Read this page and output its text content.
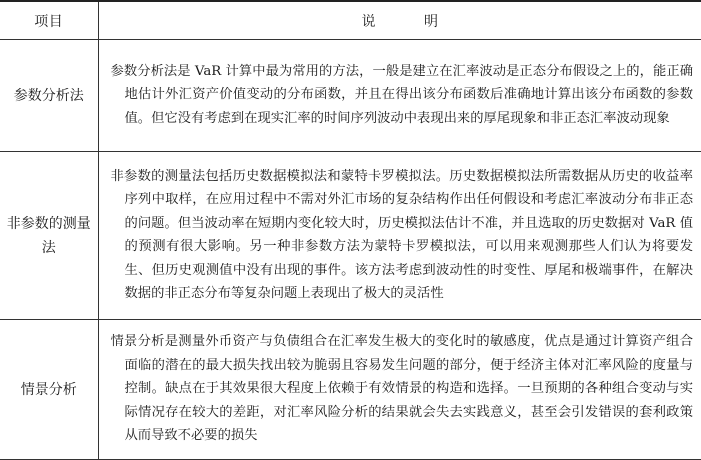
项目	说 明
参数分析法	参数分析法是 VaR 计算中最为常用的方法，一般是建立在汇率波动是正态分布假设之上的，能正确地估计外汇资产价值变动的分布函数，并且在得出该分布函数后准确地计算出该分布函数的参数值。但它没有考虑到在现实汇率的时间序列波动中表现出来的厚尾现象和非正态汇率波动现象

非参数的测量法	非参数的测量法包括历史数据模拟法和蒙特卡罗模拟法。历史数据模拟法所需数据从历史的收益率序列中取样，在应用过程中不需对外汇市场的复杂结构作出任何假设和考虑汇率波动分布非正态的问题。但当波动率在短期内变化较大时，历史模拟法估计不准，并且选取的历史数据对 VaR 值的预测有很大影响。另一种非参数方法为蒙特卡罗模拟法，可以用来观测那些人们认为将要发生、但历史观测值中没有出现的事件。该方法考虑到波动性的时变性、厚尾和极端事件，在解决数据的非正态分布等复杂问题上表现出了极大的灵活性

情景分析	情景分析是测量外币资产与负债组合在汇率发生极大的变化时的敏感度，优点是通过计算资产组合面临的潜在的最大损失找出较为脆弱且容易发生问题的部分，便于经济主体对汇率风险的度量与控制。缺点在于其效果很大程度上依赖于有效情景的构造和选择。一旦预期的各种组合变动与实际情况存在较大的差距，对汇率风险分析的结果就会失去实践意义，甚至会引发错误的套利政策从而导致不必要的损失
